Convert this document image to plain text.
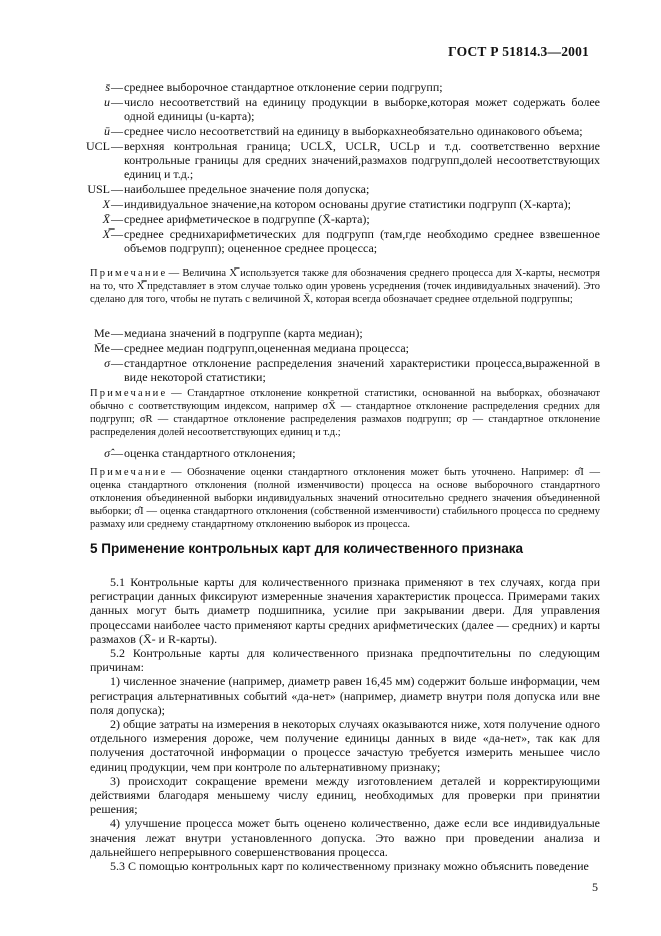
ГОСТ Р 51814.3—2001
s̄ — среднее выборочное стандартное отклонение серии подгрупп;
u — число несоответствий на единицу продукции в выборке,которая может содержать более одной единицы (u-карта);
ū — среднее число несоответствий на единицу в выборкахнеобязательно одинакового объема;
UCL — верхняя контрольная граница; UCLX̄, UCLR, UCLp и т.д. соответственно верхние контрольные границы для средних значений,размахов подгрупп,долей несоответствующих единиц и т.д.;
USL — наибольшее предельное значение поля допуска;
X — индивидуальное значение,на котором основаны другие статистики подгрупп (X-карта);
X̄ — среднее арифметическое в подгруппе (X̄-карта);
X̿ — среднее среднихарифметических для подгрупп (там,где необходимо среднее взвешенное объемов подгрупп); оцененное среднее процесса;
Примечание — Величина X̿ используется также для обозначения среднего процесса для X-карты, несмотря на то, что X̿ представляет в этом случае только один уровень усреднения (точек индивидуальных значений). Это сделано для того, чтобы не путать с величиной X̄, которая всегда обозначает среднее отдельной подгруппы;
Me — медиана значений в подгруппе (карта медиан);
M̄e — среднее медиан подгрупп,оцененная медиана процесса;
σ — стандартное отклонение распределения значений характеристики процесса,выраженной в виде некоторой статистики;
Примечание — Стандартное отклонение конкретной статистики, основанной на выборках, обозначают обычно с соответствующим индексом, например σX̄ — стандартное отклонение распределения средних для подгрупп; σR — стандартное отклонение распределения размахов подгрупп; σp — стандартное отклонение распределения долей несоответствующих единиц и т.д.;
σ̂ — оценка стандартного отклонения;
Примечание — Обозначение оценки стандартного отклонения может быть уточнено. Например: σ̂I — оценка стандартного отклонения (полной изменчивости) процесса на основе выборочного стандартного отклонения объединенной выборки индивидуальных значений относительно среднего значения объединенной выборки; σ̂I — оценка стандартного отклонения (собственной изменчивости) стабильного процесса по среднему размаху или среднему стандартному отклонению выборок из процесса.
5 Применение контрольных карт для количественного признака

5.1 Контрольные карты для количественного признака применяют в тех случаях, когда при регистрации данных фиксируют измеренные значения характеристик процесса. Примерами таких данных могут быть диаметр подшипника, усилие при закрывании двери. Для управления процессами наиболее часто применяют карты средних арифметических (далее — средних) и карты размахов (X̄- и R-карты).

5.2 Контрольные карты для количественного признака предпочтительны по следующим причинам:

1) численное значение (например, диаметр равен 16,45 мм) содержит больше информации, чем регистрация альтернативных событий «да-нет» (например, диаметр внутри поля допуска или вне поля допуска);

2) общие затраты на измерения в некоторых случаях оказываются ниже, хотя получение одного отдельного измерения дороже, чем получение единицы данных в виде «да-нет», так как для получения достаточной информации о процессе зачастую требуется измерить меньшее число единиц продукции, чем при контроле по альтернативному признаку;

3) происходит сокращение времени между изготовлением деталей и корректирующими действиями благодаря меньшему числу единиц, необходимых для проверки при принятии решения;

4) улучшение процесса может быть оценено количественно, даже если все индивидуальные значения лежат внутри установленного допуска. Это важно при проведении анализа и дальнейшего непрерывного совершенствования процесса.

5.3 С помощью контрольных карт по количественному признаку можно объяснить поведение

5
